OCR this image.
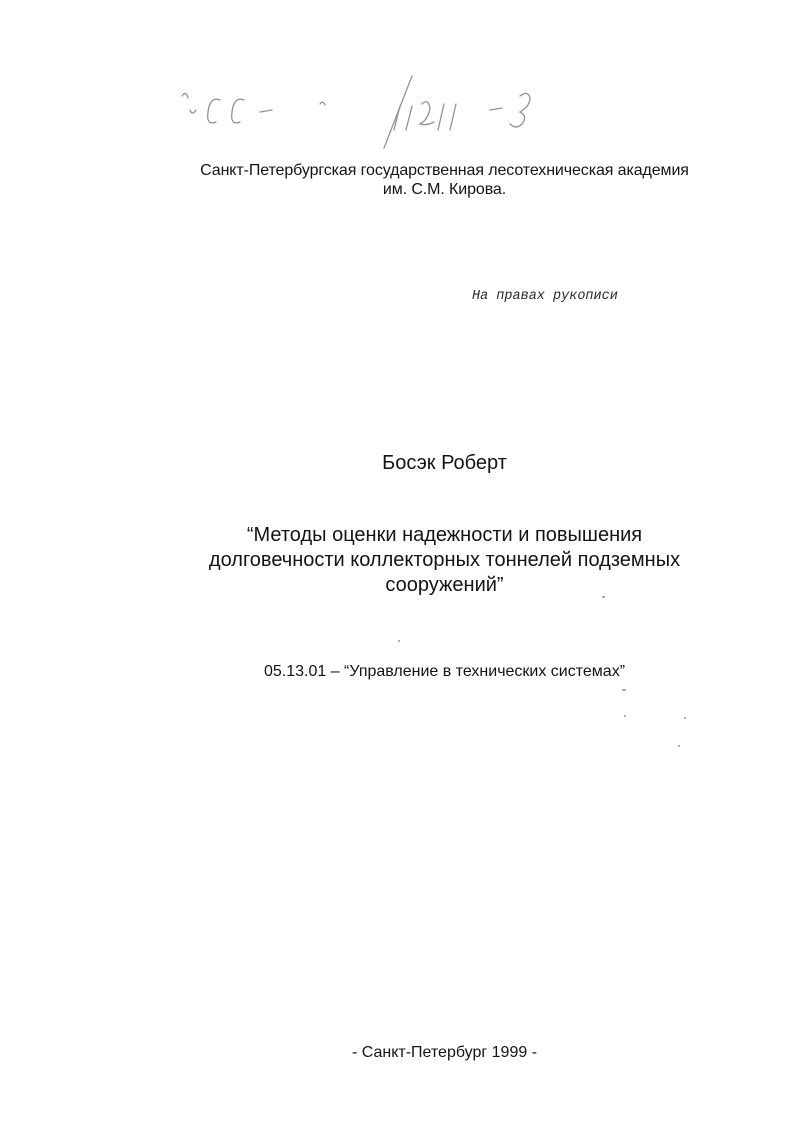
Санкт-Петербургская государственная лесотехническая академия
им. С.М. Кирова.
На правах рукописи
Босэк Роберт
“Методы оценки надежности и повышения
долговечности коллекторных тоннелей подземных
сооружений”
05.13.01 – “Управление в технических системах”
- Санкт-Петербург 1999 -
